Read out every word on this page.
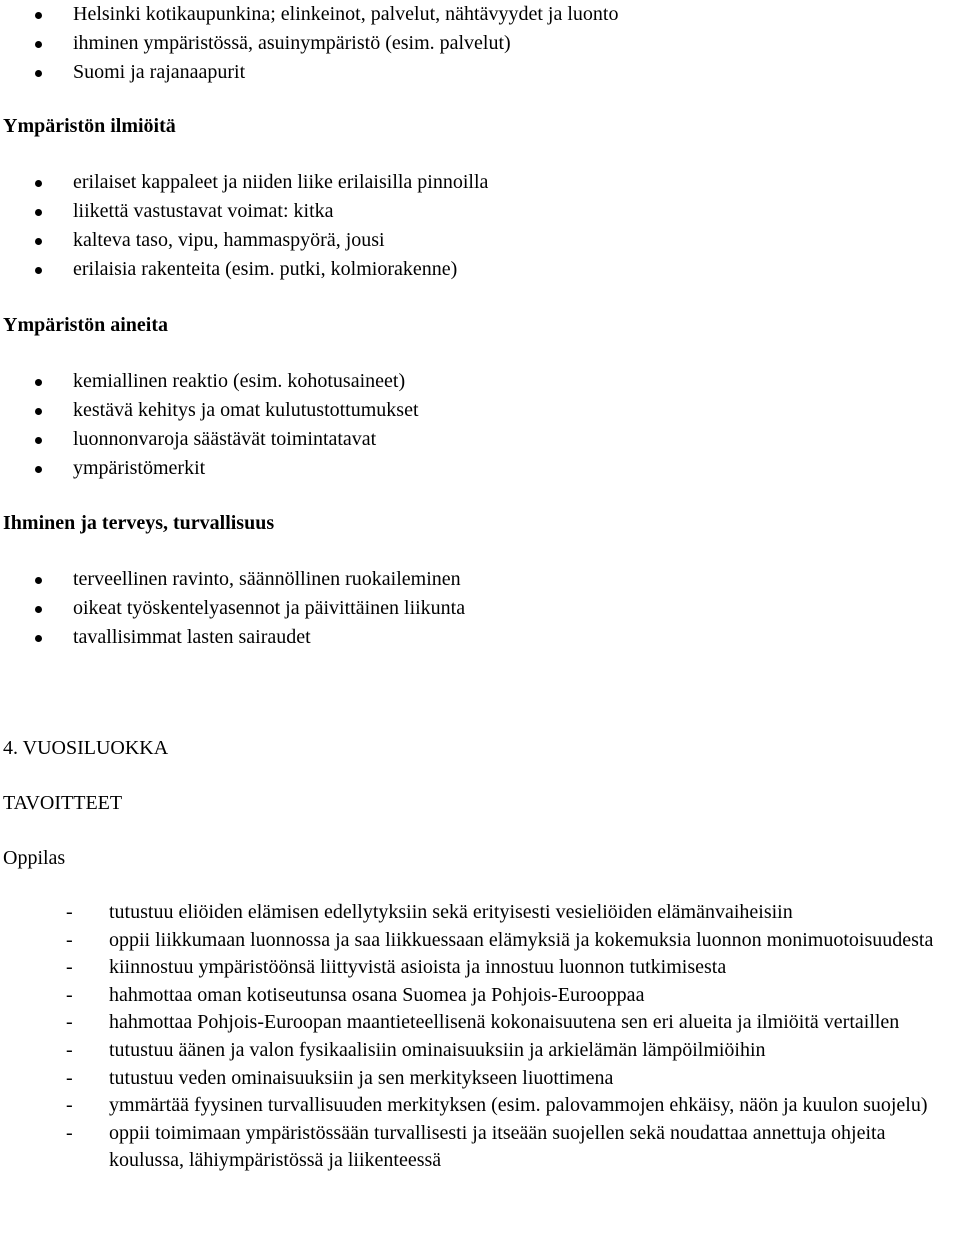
Helsinki kotikaupunkina; elinkeinot, palvelut, nähtävyydet ja luonto
ihminen ympäristössä, asuinympäristö (esim. palvelut)
Suomi ja rajanaapurit
Ympäristön ilmiöitä
erilaiset kappaleet ja niiden liike erilaisilla pinnoilla
liikettä vastustavat voimat: kitka
kalteva taso, vipu, hammaspyörä, jousi
erilaisia rakenteita (esim. putki, kolmiorakenne)
Ympäristön aineita
kemiallinen reaktio (esim. kohotusaineet)
kestävä kehitys ja omat kulutustottumukset
luonnonvaroja säästävät toimintatavat
ympäristömerkit
Ihminen ja terveys, turvallisuus
terveellinen ravinto, säännöllinen ruokaileminen
oikeat työskentelyasennot ja päivittäinen liikunta
tavallisimmat lasten sairaudet
4. VUOSILUOKKA
TAVOITTEET
Oppilas
- tutustuu eliöiden elämisen edellytyksiin sekä erityisesti vesieliöiden elämänvaiheisiin
- oppii liikkumaan luonnossa ja saa liikkuessaan elämyksiä ja kokemuksia luonnon monimuotoisuudesta
- kiinnostuu ympäristöönsä liittyvistä asioista ja innostuu luonnon tutkimisesta
- hahmottaa oman kotiseutunsa osana Suomea ja Pohjois-Eurooppaa
- hahmottaa Pohjois-Euroopan maantieteellisenä kokonaisuutena sen eri alueita ja ilmiöitä vertaillen
- tutustuu äänen ja valon fysikaalisiin ominaisuuksiin ja arkielämän lämpöilmiöihin
- tutustuu veden ominaisuuksiin ja sen merkitykseen liuottimena
- ymmärtää fyysinen turvallisuuden merkityksen (esim. palovammojen ehkäisy, näön ja kuulon suojelu)
- oppii toimimaan ympäristössään turvallisesti ja itseään suojellen sekä noudattaa annettuja ohjeita koulussa, lähiympäristössä ja liikenteessä
